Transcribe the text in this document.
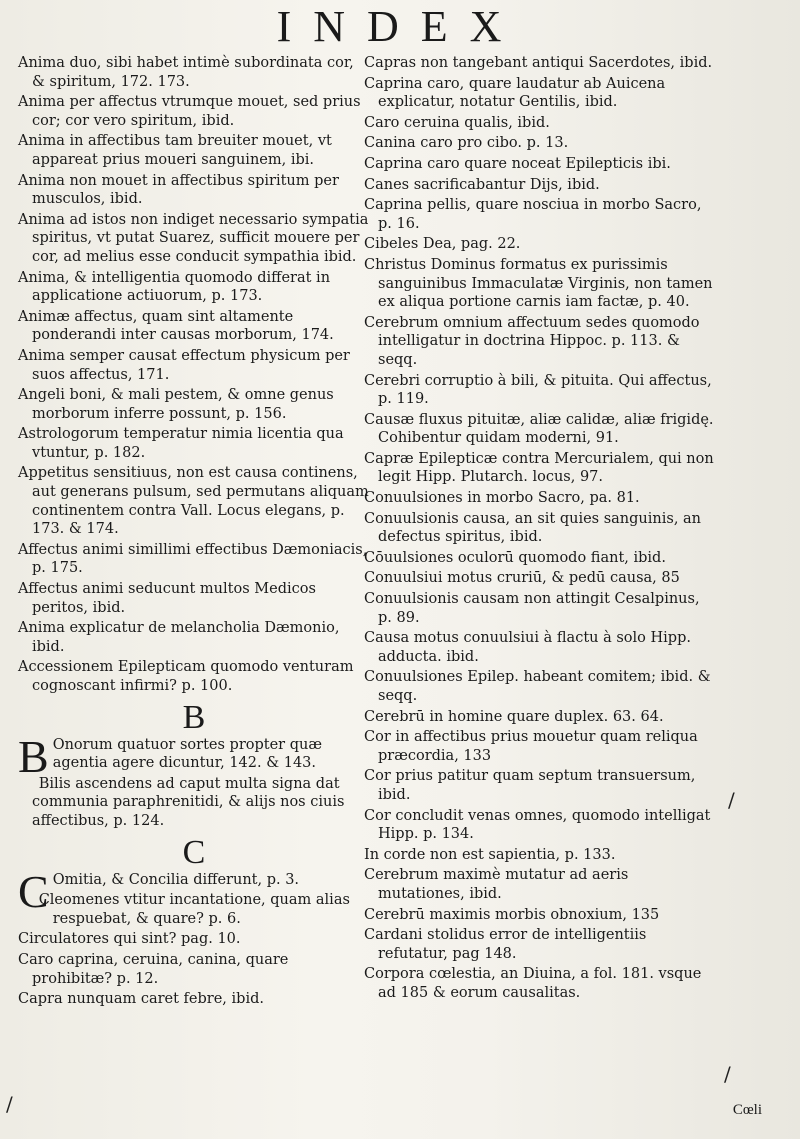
INDEX

Anima duo, sibi habet intimè subordinata cor, & spiritum, 172. 173.

Anima per affectus vtrumque mouet, sed prius cor; cor vero spiritum, ibid.

Anima in affectibus tam breuiter mouet, vt appareat prius moueri sanguinem, ibi.

Anima non mouet in affectibus spiritum per musculos, ibid.

Anima ad istos non indiget necessario sympatia spiritus, vt putat Suarez, sufficit mouere per cor, ad melius esse conducit sympathia ibid.

Anima, & intelligentia quomodo differat in applicatione actiuorum, p. 173.

Animæ affectus, quam sint altamente ponderandi inter causas morborum, 174.

Anima semper causat effectum physicum per suos affectus, 171.

Angeli boni, & mali pestem, & omne genus morborum inferre possunt, p. 156.

Astrologorum temperatur nimia licentia qua vtuntur, p. 182.

Appetitus sensitiuus, non est causa continens, aut generans pulsum, sed permutans aliquam continentem contra Vall. Locus elegans, p. 173. & 174.

Affectus animi simillimi effectibus Dæmoniacis, p. 175.

Affectus animi seducunt multos Medicos peritos, ibid.

Anima explicatur de melancholia Dæmonio, ibid.

Accessionem Epilepticam quomodo venturam cognoscant infirmi? p. 100.

B

B Onorum quatuor sortes propter quæ agentia agere dicuntur, 142. & 143.

Bilis ascendens ad caput multa signa dat communia paraphrenitidi, & alijs nos ciuis affectibus, p. 124.

C

C Omitia, & Concilia differunt, p. 3.

Cleomenes vtitur incantatione, quam alias respuebat, & quare? p. 6.

Circulatores qui sint? pag. 10.

Caro caprina, ceruina, canina, quare prohibitæ? p. 12.

Capra nunquam caret febre, ibid.

Capras non tangebant antiqui Sacerdotes, ibid.

Caprina caro, quare laudatur ab Auicena explicatur, notatur Gentilis, ibid.

Caro ceruina qualis, ibid.

Canina caro pro cibo. p. 13.

Caprina caro quare noceat Epilepticis ibi.

Canes sacrificabantur Dijs, ibid.

Caprina pellis, quare nosciua in morbo Sacro, p. 16.

Cibeles Dea, pag. 22.

Christus Dominus formatus ex purissimis sanguinibus Immaculatæ Virginis, non tamen ex aliqua portione carnis iam factæ, p. 40.

Cerebrum omnium affectuum sedes quomodo intelligatur in doctrina Hippoc. p. 113. & seqq.

Cerebri corruptio à bili, & pituita. Qui affectus, p. 119.

Causæ fluxus pituitæ, aliæ calidæ, aliæ frigidę. Cohibentur quidam moderni, 91.

Capræ Epilepticæ contra Mercurialem, qui non legit Hipp. Plutarch. locus, 97.

Conuulsiones in morbo Sacro, pa. 81.

Conuulsionis causa, an sit quies sanguinis, an defectus spiritus, ibid.

Cōuulsiones oculorū quomodo fiant, ibid.

Conuulsiui motus cruriū, & pedū causa, 85

Conuulsionis causam non attingit Cesalpinus, p. 89.

Causa motus conuulsiui à flactu à solo Hipp. adducta. ibid.

Conuulsiones Epilep. habeant comitem; ibid. & seqq.

Cerebrū in homine quare duplex. 63. 64.

Cor in affectibus prius mouetur quam reliqua præcordia, 133

Cor prius patitur quam septum transuersum, ibid.

Cor concludit venas omnes, quomodo intelligat Hipp. p. 134.

In corde non est sapientia, p. 133.

Cerebrum maximè mutatur ad aeris mutationes, ibid.

Cerebrū maximis morbis obnoxium, 135

Cardani stolidus error de intelligentiis refutatur, pag 148.

Corpora cœlestia, an Diuina, a fol. 181. vsque ad 185 & eorum causalitas.

Cœli
/
/
/
